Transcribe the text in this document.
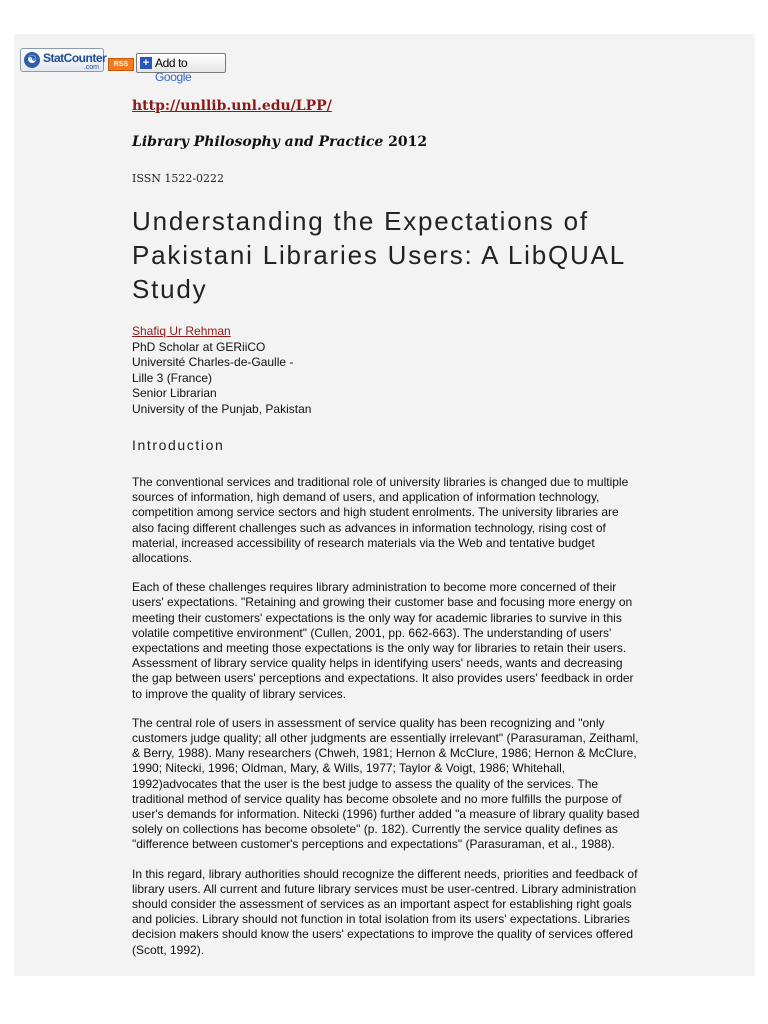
☯ StatCounter
.com	RSS	+ Add to Google
http://unllib.unl.edu/LPP/
Library Philosophy and Practice 2012
ISSN 1522-0222
Understanding the Expectations of Pakistani Libraries Users: A LibQUAL Study
Shafiq Ur Rehman
PhD Scholar at GERiiCO
Université Charles-de-Gaulle -
Lille 3 (France)
Senior Librarian
University of the Punjab, Pakistan
Introduction

The conventional services and traditional role of university libraries is changed due to multiple sources of information, high demand of users, and application of information technology, competition among service sectors and high student enrolments. The university libraries are also facing different challenges such as advances in information technology, rising cost of material, increased accessibility of research materials via the Web and tentative budget allocations.

Each of these challenges requires library administration to become more concerned of their users' expectations. "Retaining and growing their customer base and focusing more energy on meeting their customers' expectations is the only way for academic libraries to survive in this volatile competitive environment" (Cullen, 2001, pp. 662-663). The understanding of users' expectations and meeting those expectations is the only way for libraries to retain their users. Assessment of library service quality helps in identifying users' needs, wants and decreasing the gap between users' perceptions and expectations. It also provides users' feedback in order to improve the quality of library services.

The central role of users in assessment of service quality has been recognizing and "only customers judge quality; all other judgments are essentially irrelevant" (Parasuraman, Zeithaml, & Berry, 1988). Many researchers (Chweh, 1981; Hernon & McClure, 1986; Hernon & McClure, 1990; Nitecki, 1996; Oldman, Mary, & Wills, 1977; Taylor & Voigt, 1986; Whitehall, 1992)advocates that the user is the best judge to assess the quality of the services. The traditional method of service quality has become obsolete and no more fulfills the purpose of user's demands for information. Nitecki (1996) further added "a measure of library quality based solely on collections has become obsolete" (p. 182). Currently the service quality defines as "difference between customer's perceptions and expectations" (Parasuraman, et al., 1988).

In this regard, library authorities should recognize the different needs, priorities and feedback of library users. All current and future library services must be user-centred. Library administration should consider the assessment of services as an important aspect for establishing right goals and policies. Library should not function in total isolation from its users' expectations. Libraries decision makers should know the users' expectations to improve the quality of services offered (Scott, 1992).
